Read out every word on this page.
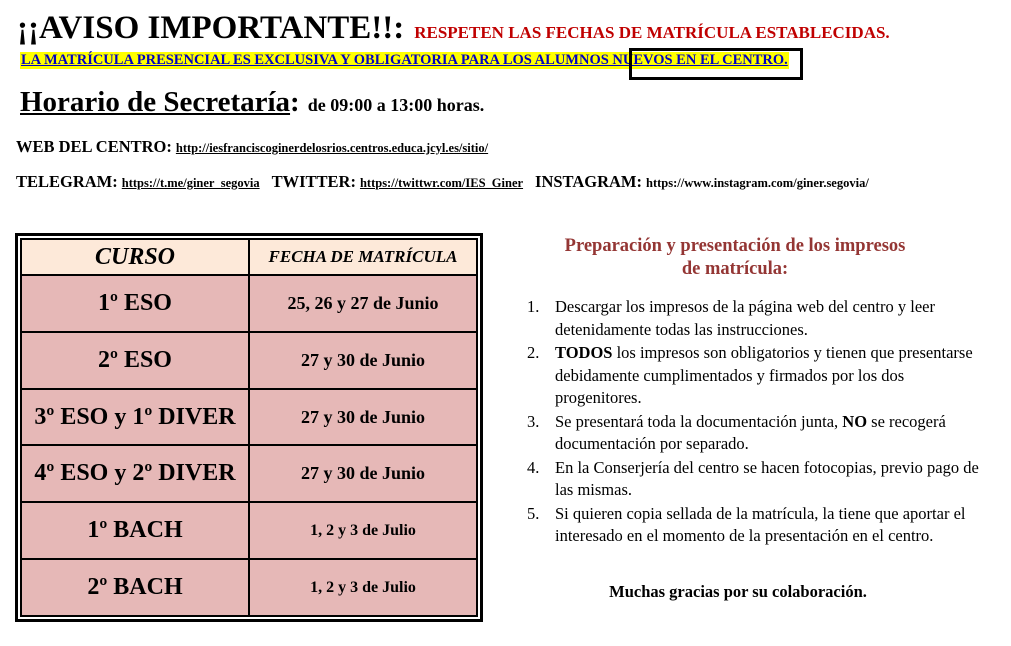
¡¡AVISO IMPORTANTE!!: RESPETEN LAS FECHAS DE MATRÍCULA ESTABLECIDAS.
LA MATRÍCULA PRESENCIAL ES EXCLUSIVA Y OBLIGATORIA PARA LOS ALUMNOS NUEVOS EN EL CENTRO.
Horario de Secretaría: de 09:00 a 13:00 horas.
WEB DEL CENTRO: http://iesfranciscoginerdelosrios.centros.educa.jcyl.es/sitio/
TELEGRAM: https://t.me/giner_segovia TWITTER: https://twittwr.com/IES_Giner INSTAGRAM: https://www.instagram.com/giner.segovia/
CURSO	FECHA DE MATRÍCULA
1º ESO	25, 26 y 27 de Junio
2º ESO	27 y 30 de Junio
3º ESO y 1º DIVER	27 y 30 de Junio
4º ESO y 2º DIVER	27 y 30 de Junio
1º BACH	1, 2 y 3 de Julio
2º BACH	1, 2 y 3 de Julio
Preparación y presentación de los impresos
de matrícula:
1. Descargar los impresos de la página web del centro y leer detenidamente todas las instrucciones.
2. TODOS los impresos son obligatorios y tienen que presentarse debidamente cumplimentados y firmados por los dos progenitores.
3. Se presentará toda la documentación junta, NO se recogerá documentación por separado.
4. En la Conserjería del centro se hacen fotocopias, previo pago de las mismas.
5. Si quieren copia sellada de la matrícula, la tiene que aportar el interesado en el momento de la presentación en el centro.
Muchas gracias por su colaboración.
